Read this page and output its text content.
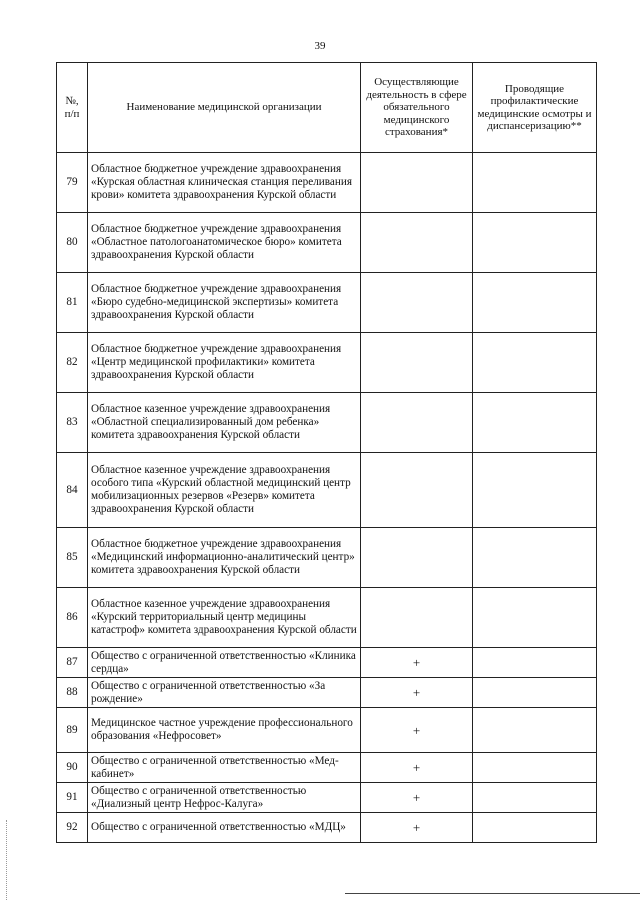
39
№, п/п	Наименование медицинской организации	Осуществляющие деятельность в сфере обязательного медицинского страхования*	Проводящие профилактические медицинские осмотры и диспансеризацию**
79	Областное бюджетное учреждение здравоохранения «Курская областная клиническая станция переливания крови» комитета здравоохранения Курской области		
80	Областное бюджетное учреждение здравоохранения «Областное патологоанатомическое бюро» комитета здравоохранения Курской области		
81	Областное бюджетное учреждение здравоохранения «Бюро судебно-медицинской экспертизы» комитета здравоохранения Курской области		
82	Областное бюджетное учреждение здравоохранения «Центр медицинской профилактики» комитета здравоохранения Курской области		
83	Областное казенное учреждение здравоохранения «Областной специализированный дом ребенка» комитета здравоохранения Курской области		
84	Областное казенное учреждение здравоохранения особого типа «Курский областной медицинский центр мобилизационных резервов «Резерв» комитета здравоохранения Курской области		
85	Областное бюджетное учреждение здравоохранения «Медицинский информационно-аналитический центр» комитета здравоохранения Курской области		
86	Областное казенное учреждение здравоохранения «Курский территориальный центр медицины катастроф» комитета здравоохранения Курской области		
87	Общество с ограниченной ответственностью «Клиника сердца»	+	
88	Общество с ограниченной ответственностью «За рождение»	+	
89	Медицинское частное учреждение профессионального образования «Нефросовет»	+	
90	Общество с ограниченной ответственностью «Мед-кабинет»	+	
91	Общество с ограниченной ответственностью «Диализный центр Нефрос-Калуга»	+	
92	Общество с ограниченной ответственностью «МДЦ»	+	
